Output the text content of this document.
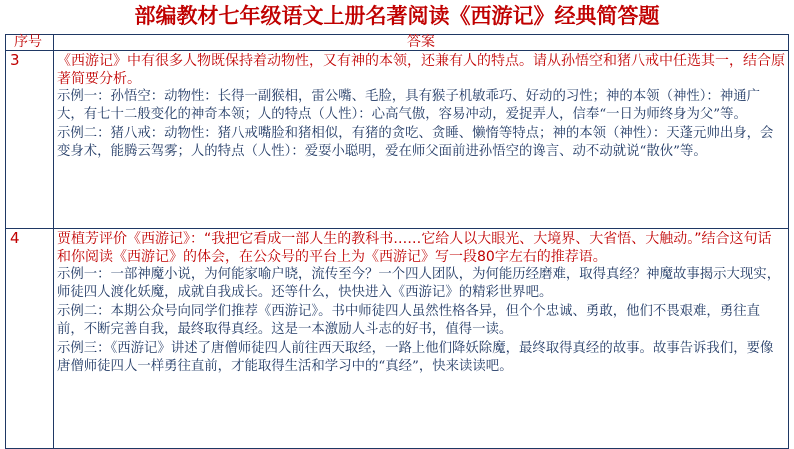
部编教材七年级语文上册名著阅读《西游记》经典简答题
序号	答案
3	《西游记》中有很多人物既保持着动物性，又有神的本领，还兼有人的特点。请从孙悟空和猪八戒中任选其一，结合原著简要分析。
示例一：孙悟空：动物性：长得一副猴相，雷公嘴、毛脸，具有猴子机敏乖巧、好动的习性；神的本领（神性）：神通广大，有七十二般变化的神奇本领；人的特点（人性）：心高气傲，容易冲动，爱捉弄人，信奉“一日为师终身为父”等。
示例二：猪八戒：动物性：猪八戒嘴脸和猪相似，有猪的贪吃、贪睡、懒惰等特点；神的本领（神性）：天蓬元帅出身，会变身术，能腾云驾雾；人的特点（人性）：爱耍小聪明，爱在师父面前进孙悟空的谗言、动不动就说“散伙”等。

4	贾植芳评价《西游记》：“我把它看成一部人生的教科书……它给人以大眼光、大境界、大省悟、大触动。”结合这句话和你阅读《西游记》的体会，在公众号的平台上为《西游记》写一段80字左右的推荐语。
示例一：一部神魔小说，为何能家喻户晓，流传至今？一个四人团队，为何能历经磨难，取得真经？神魔故事揭示大现实，师徒四人渡化妖魔，成就自我成长。还等什么，快快进入《西游记》的精彩世界吧。
示例二：本期公众号向同学们推荐《西游记》。书中师徒四人虽然性格各异，但个个忠诚、勇敢，他们不畏艰难，勇往直前，不断完善自我，最终取得真经。这是一本激励人斗志的好书，值得一读。
示例三：《西游记》讲述了唐僧师徒四人前往西天取经，一路上他们降妖除魔，最终取得真经的故事。故事告诉我们，要像唐僧师徒四人一样勇往直前，才能取得生活和学习中的“真经”，快来读读吧。
